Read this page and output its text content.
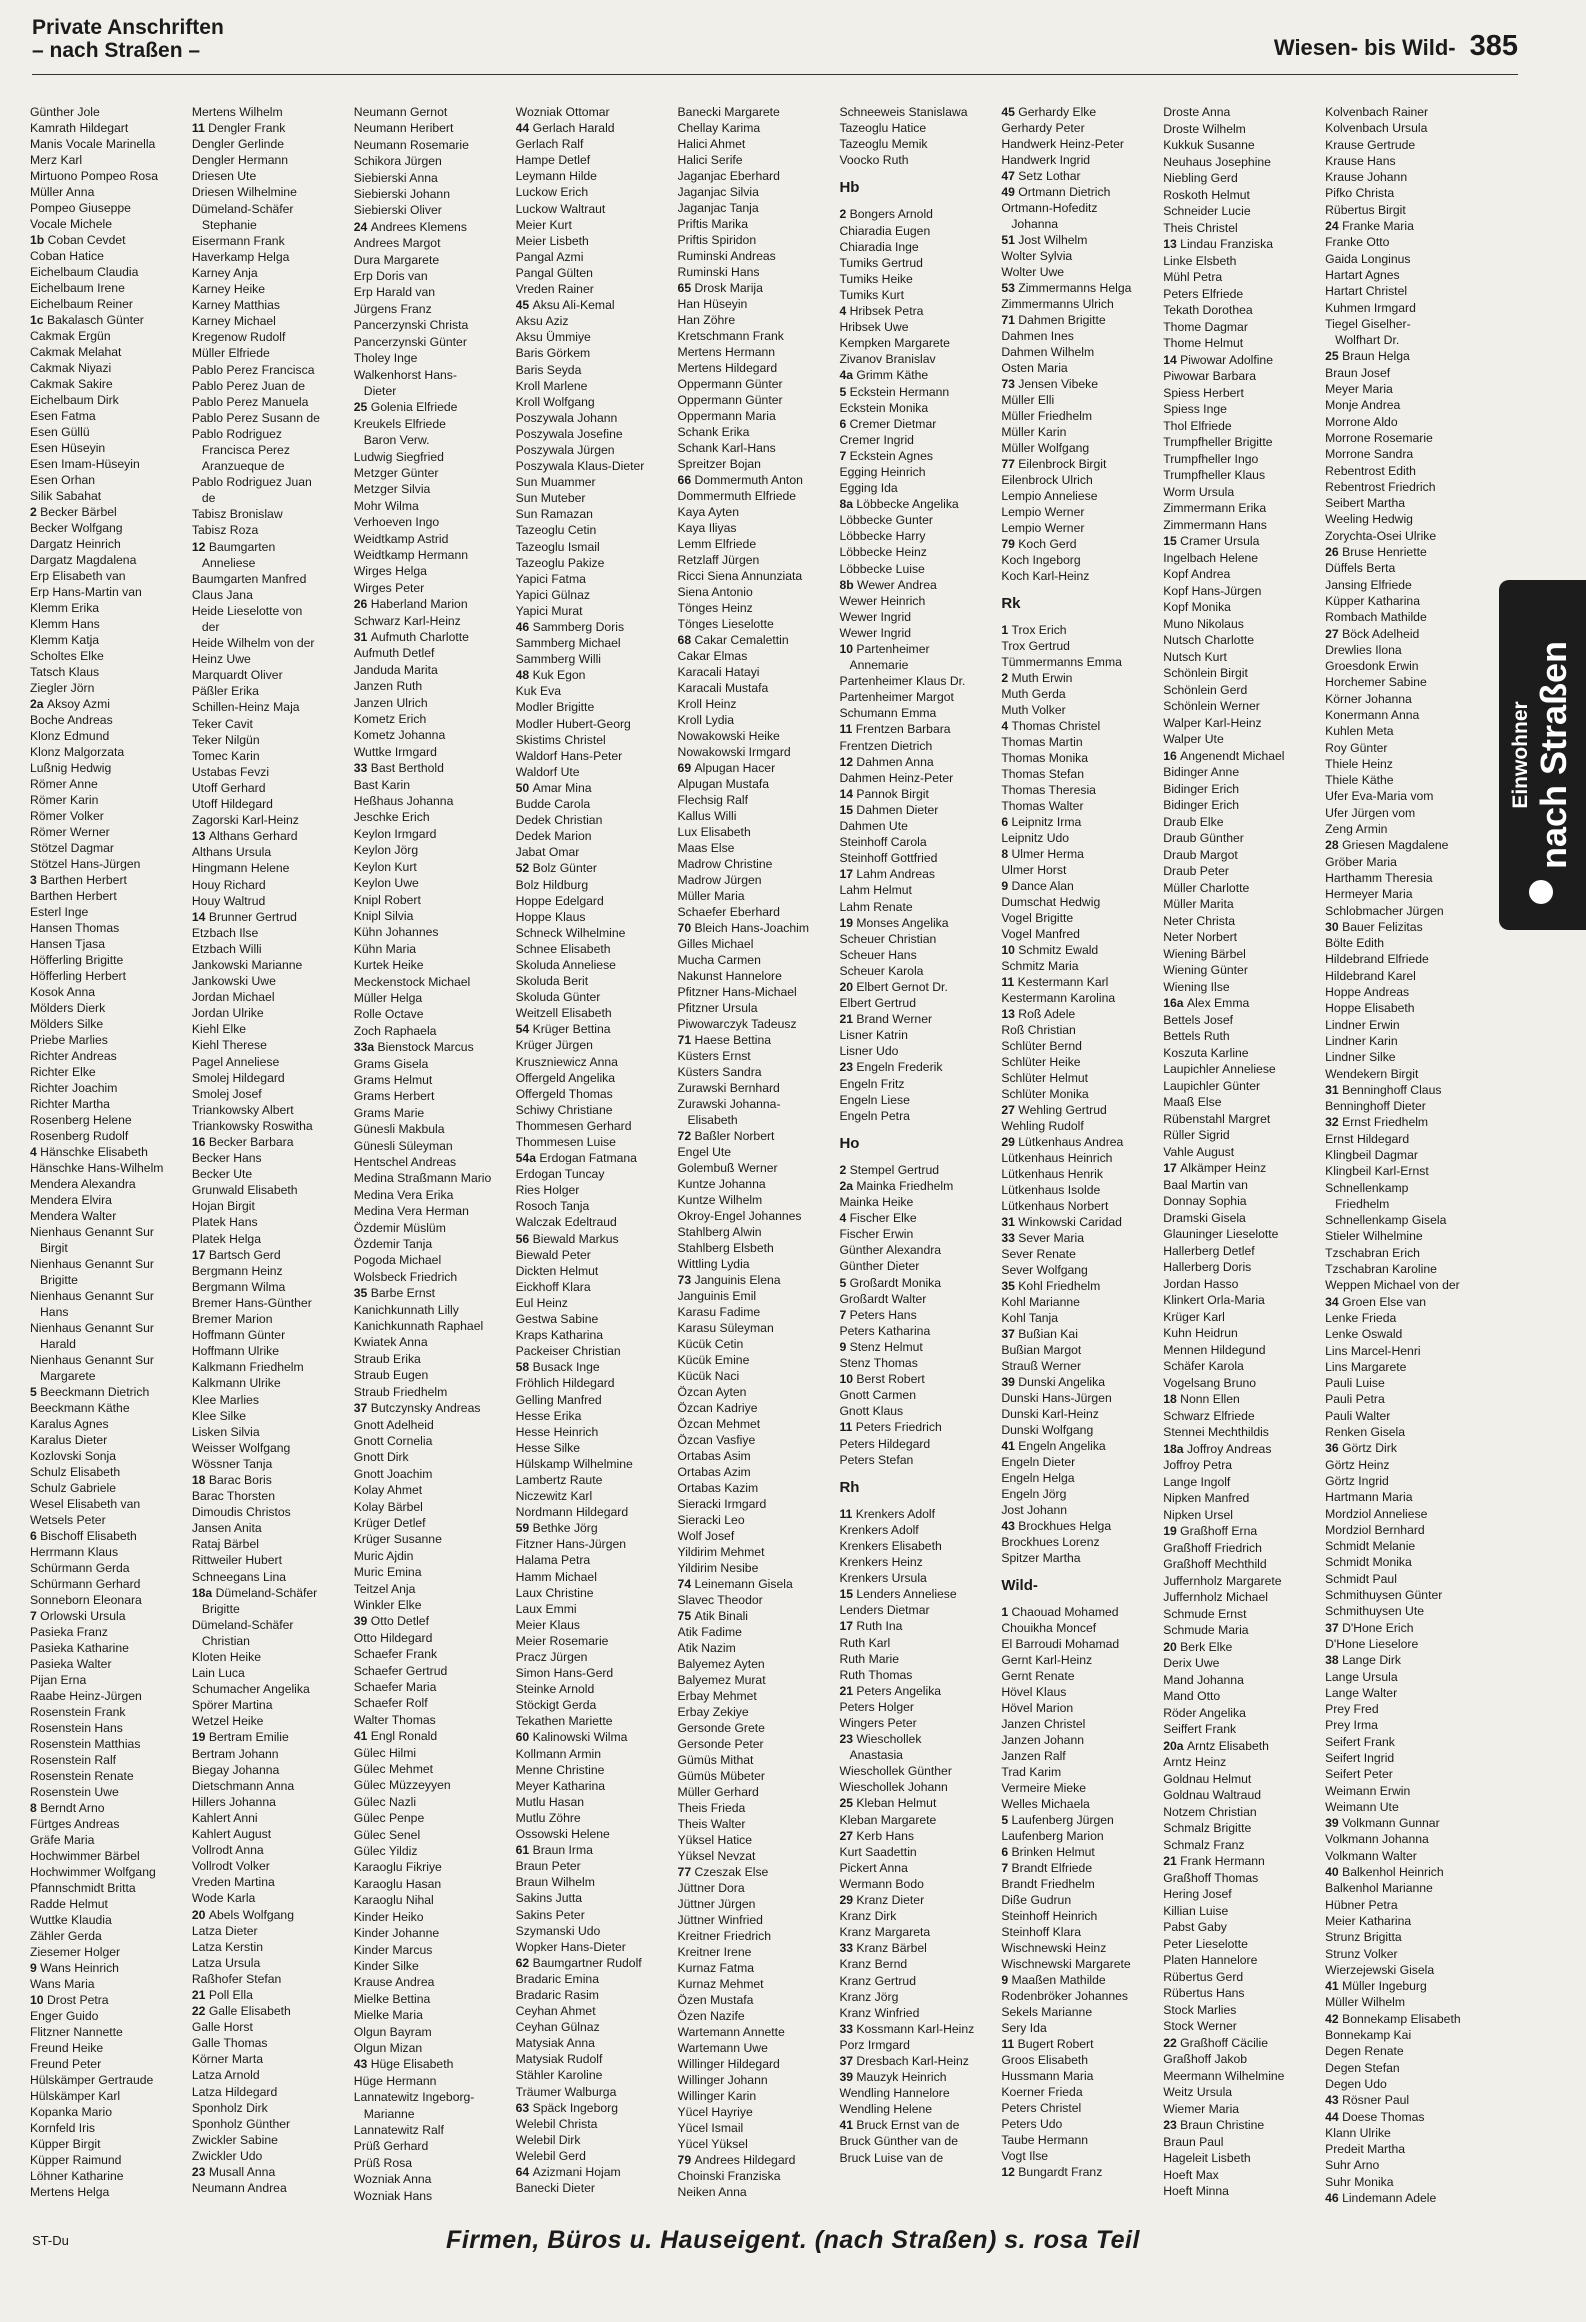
Private Anschriften
– nach Straßen –	Wiesen- bis Wild- 385
Günther Jole
Kamrath Hildegart
Manis Vocale Marinella
Merz Karl
Mirtuono Pompeo Rosa
Müller Anna
Pompeo Giuseppe
Vocale Michele
1b Coban Cevdet
Coban Hatice
Eichelbaum Claudia
Eichelbaum Irene
Eichelbaum Reiner
1c Bakalasch Günter
Cakmak Ergün
Cakmak Melahat
Cakmak Niyazi
Cakmak Sakire
Eichelbaum Dirk
Esen Fatma
Esen Güllü
Esen Hüseyin
Esen Imam-Hüseyin
Esen Orhan
Silik Sabahat
2 Becker Bärbel
Becker Wolfgang
Dargatz Heinrich
Dargatz Magdalena
Erp Elisabeth van
Erp Hans-Martin van
Klemm Erika
Klemm Hans
Klemm Katja
Scholtes Elke
Tatsch Klaus
Ziegler Jörn
2a Aksoy Azmi
Boche Andreas
Klonz Edmund
Klonz Malgorzata
Lußnig Hedwig
Römer Anne
Römer Karin
Römer Volker
Römer Werner
Stötzel Dagmar
Stötzel Hans-Jürgen
3 Barthen Herbert
Barthen Herbert
Esterl Inge
Hansen Thomas
Hansen Tjasa
Höfferling Brigitte
Höfferling Herbert
Kosok Anna
Mölders Dierk
Mölders Silke
Priebe Marlies
Richter Andreas
Richter Elke
Richter Joachim
Richter Martha
Rosenberg Helene
Rosenberg Rudolf
4 Hänschke Elisabeth
Hänschke Hans-Wilhelm
Mendera Alexandra
Mendera Elvira
Mendera Walter
Nienhaus Genannt Sur
Birgit
Nienhaus Genannt Sur
Brigitte
Nienhaus Genannt Sur
Hans
Nienhaus Genannt Sur
Harald
Nienhaus Genannt Sur
Margarete
5 Beeckmann Dietrich
Beeckmann Käthe
Karalus Agnes
Karalus Dieter
Kozlovski Sonja
Schulz Elisabeth
Schulz Gabriele
Wesel Elisabeth van
Wetsels Peter
6 Bischoff Elisabeth
Herrmann Klaus
Schürmann Gerda
Schürmann Gerhard
Sonneborn Eleonara
7 Orlowski Ursula
Pasieka Franz
Pasieka Katharine
Pasieka Walter
Pijan Erna
Raabe Heinz-Jürgen
Rosenstein Frank
Rosenstein Hans
Rosenstein Matthias
Rosenstein Ralf
Rosenstein Renate
Rosenstein Uwe
8 Berndt Arno
Fürtges Andreas
Gräfe Maria
Hochwimmer Bärbel
Hochwimmer Wolfgang
Pfannschmidt Britta
Radde Helmut
Wuttke Klaudia
Zähler Gerda
Ziesemer Holger
9 Wans Heinrich
Wans Maria
10 Drost Petra
Enger Guido
Flitzner Nannette
Freund Heike
Freund Peter
Hülskämper Gertraude
Hülskämper Karl
Kopanka Mario
Kornfeld Iris
Küpper Birgit
Küpper Raimund
Löhner Katharine
Mertens Helga
Mertens Wilhelm
11 Dengler Frank
Dengler Gerlinde
Dengler Hermann
Driesen Ute
Driesen Wilhelmine
Dümeland-Schäfer
Stephanie
Eisermann Frank
Haverkamp Helga
Karney Anja
Karney Heike
Karney Matthias
Karney Michael
Kregenow Rudolf
Müller Elfriede
Pablo Perez Francisca
Pablo Perez Juan de
Pablo Perez Manuela
Pablo Perez Susann de
Pablo Rodriguez
Francisca Perez
Aranzueque de
Pablo Rodriguez Juan
de
Tabisz Bronislaw
Tabisz Roza
12 Baumgarten
Anneliese
Baumgarten Manfred
Claus Jana
Heide Lieselotte von
der
Heide Wilhelm von der
Heinz Uwe
Marquardt Oliver
Päßler Erika
Schillen-Heinz Maja
Teker Cavit
Teker Nilgün
Tomec Karin
Ustabas Fevzi
Utoff Gerhard
Utoff Hildegard
Zagorski Karl-Heinz
13 Althans Gerhard
Althans Ursula
Hingmann Helene
Houy Richard
Houy Waltrud
14 Brunner Gertrud
Etzbach Ilse
Etzbach Willi
Jankowski Marianne
Jankowski Uwe
Jordan Michael
Jordan Ulrike
Kiehl Elke
Kiehl Therese
Pagel Anneliese
Smolej Hildegard
Smolej Josef
Triankowsky Albert
Triankowsky Roswitha
16 Becker Barbara
Becker Hans
Becker Ute
Grunwald Elisabeth
Hojan Birgit
Platek Hans
Platek Helga
17 Bartsch Gerd
Bergmann Heinz
Bergmann Wilma
Bremer Hans-Günther
Bremer Marion
Hoffmann Günter
Hoffmann Ulrike
Kalkmann Friedhelm
Kalkmann Ulrike
Klee Marlies
Klee Silke
Lisken Silvia
Weisser Wolfgang
Wössner Tanja
18 Barac Boris
Barac Thorsten
Dimoudis Christos
Jansen Anita
Rataj Bärbel
Rittweiler Hubert
Schneegans Lina
18a Dümeland-Schäfer
Brigitte
Dümeland-Schäfer
Christian
Kloten Heike
Lain Luca
Schumacher Angelika
Spörer Martina
Wetzel Heike
19 Bertram Emilie
Bertram Johann
Biegay Johanna
Dietschmann Anna
Hillers Johanna
Kahlert Anni
Kahlert August
Vollrodt Anna
Vollrodt Volker
Vreden Martina
Wode Karla
20 Abels Wolfgang
Latza Dieter
Latza Kerstin
Latza Ursula
Raßhofer Stefan
21 Poll Ella
22 Galle Elisabeth
Galle Horst
Galle Thomas
Körner Marta
Latza Arnold
Latza Hildegard
Sponholz Dirk
Sponholz Günther
Zwickler Sabine
Zwickler Udo
23 Musall Anna
Neumann Andrea
Neumann Gernot
Neumann Heribert
Neumann Rosemarie
Schikora Jürgen
Siebierski Anna
Siebierski Johann
Siebierski Oliver
24 Andrees Klemens
Andrees Margot
Dura Margarete
Erp Doris van
Erp Harald van
Jürgens Franz
Pancerzynski Christa
Pancerzynski Günter
Tholey Inge
Walkenhorst Hans-
Dieter
25 Golenia Elfriede
Kreukels Elfriede
Baron Verw.
Ludwig Siegfried
Metzger Günter
Metzger Silvia
Mohr Wilma
Verhoeven Ingo
Weidtkamp Astrid
Weidtkamp Hermann
Wirges Helga
Wirges Peter
26 Haberland Marion
Schwarz Karl-Heinz
31 Aufmuth Charlotte
Aufmuth Detlef
Janduda Marita
Janzen Ruth
Janzen Ulrich
Kometz Erich
Kometz Johanna
Wuttke Irmgard
33 Bast Berthold
Bast Karin
Heßhaus Johanna
Jeschke Erich
Keylon Irmgard
Keylon Jörg
Keylon Kurt
Keylon Uwe
Knipl Robert
Knipl Silvia
Kühn Johannes
Kühn Maria
Kurtek Heike
Meckenstock Michael
Müller Helga
Rolle Octave
Zoch Raphaela
33a Bienstock Marcus
Grams Gisela
Grams Helmut
Grams Herbert
Grams Marie
Günesli Makbula
Günesli Süleyman
Hentschel Andreas
Medina Straßmann Mario
Medina Vera Erika
Medina Vera Herman
Özdemir Müslüm
Özdemir Tanja
Pogoda Michael
Wolsbeck Friedrich
35 Barbe Ernst
Kanichkunnath Lilly
Kanichkunnath Raphael
Kwiatek Anna
Straub Erika
Straub Eugen
Straub Friedhelm
37 Butczynsky Andreas
Gnott Adelheid
Gnott Cornelia
Gnott Dirk
Gnott Joachim
Kolay Ahmet
Kolay Bärbel
Krüger Detlef
Krüger Susanne
Muric Ajdin
Muric Emina
Teitzel Anja
Winkler Elke
39 Otto Detlef
Otto Hildegard
Schaefer Frank
Schaefer Gertrud
Schaefer Maria
Schaefer Rolf
Walter Thomas
41 Engl Ronald
Gülec Hilmi
Gülec Mehmet
Gülec Müzzeyyen
Gülec Nazli
Gülec Penpe
Gülec Senel
Gülec Yildiz
Karaoglu Fikriye
Karaoglu Hasan
Karaoglu Nihal
Kinder Heiko
Kinder Johanne
Kinder Marcus
Kinder Silke
Krause Andrea
Mielke Bettina
Mielke Maria
Olgun Bayram
Olgun Mizan
43 Hüge Elisabeth
Hüge Hermann
Lannatewitz Ingeborg-
Marianne
Lannatewitz Ralf
Prüß Gerhard
Prüß Rosa
Wozniak Anna
Wozniak Hans
Wozniak Ottomar
44 Gerlach Harald
Gerlach Ralf
Hampe Detlef
Leymann Hilde
Luckow Erich
Luckow Waltraut
Meier Kurt
Meier Lisbeth
Pangal Azmi
Pangal Gülten
Vreden Rainer
45 Aksu Ali-Kemal
Aksu Aziz
Aksu Ümmiye
Baris Görkem
Baris Seyda
Kroll Marlene
Kroll Wolfgang
Poszywala Johann
Poszywala Josefine
Poszywala Jürgen
Poszywala Klaus-Dieter
Sun Muammer
Sun Muteber
Sun Ramazan
Tazeoglu Cetin
Tazeoglu Ismail
Tazeoglu Pakize
Yapici Fatma
Yapici Gülnaz
Yapici Murat
46 Sammberg Doris
Sammberg Michael
Sammberg Willi
48 Kuk Egon
Kuk Eva
Modler Brigitte
Modler Hubert-Georg
Skistims Christel
Waldorf Hans-Peter
Waldorf Ute
50 Amar Mina
Budde Carola
Dedek Christian
Dedek Marion
Jabat Omar
52 Bolz Günter
Bolz Hildburg
Hoppe Edelgard
Hoppe Klaus
Schneck Wilhelmine
Schnee Elisabeth
Skoluda Anneliese
Skoluda Berit
Skoluda Günter
Weitzell Elisabeth
54 Krüger Bettina
Krüger Jürgen
Kruszniewicz Anna
Offergeld Angelika
Offergeld Thomas
Schiwy Christiane
Thommesen Gerhard
Thommesen Luise
54a Erdogan Fatmana
Erdogan Tuncay
Ries Holger
Rosoch Tanja
Walczak Edeltraud
56 Biewald Markus
Biewald Peter
Dickten Helmut
Eickhoff Klara
Eul Heinz
Gestwa Sabine
Kraps Katharina
Packeiser Christian
58 Busack Inge
Fröhlich Hildegard
Gelling Manfred
Hesse Erika
Hesse Heinrich
Hesse Silke
Hülskamp Wilhelmine
Lambertz Raute
Niczewitz Karl
Nordmann Hildegard
59 Bethke Jörg
Fitzner Hans-Jürgen
Halama Petra
Hamm Michael
Laux Christine
Laux Emmi
Meier Klaus
Meier Rosemarie
Pracz Jürgen
Simon Hans-Gerd
Steinke Arnold
Stöckigt Gerda
Tekathen Mariette
60 Kalinowski Wilma
Kollmann Armin
Menne Christine
Meyer Katharina
Mutlu Hasan
Mutlu Zöhre
Ossowski Helene
61 Braun Irma
Braun Peter
Braun Wilhelm
Sakins Jutta
Sakins Peter
Szymanski Udo
Wopker Hans-Dieter
62 Baumgartner Rudolf
Bradaric Emina
Bradaric Rasim
Ceyhan Ahmet
Ceyhan Gülnaz
Matysiak Anna
Matysiak Rudolf
Stähler Karoline
Träumer Walburga
63 Späck Ingeborg
Welebil Christa
Welebil Dirk
Welebil Gerd
64 Azizmani Hojam
Banecki Dieter
Banecki Margarete
Chellay Karima
Halici Ahmet
Halici Serife
Jaganjac Eberhard
Jaganjac Silvia
Jaganjac Tanja
Priftis Marika
Priftis Spiridon
Ruminski Andreas
Ruminski Hans
65 Drosk Marija
Han Hüseyin
Han Zöhre
Kretschmann Frank
Mertens Hermann
Mertens Hildegard
Oppermann Günter
Oppermann Günter
Oppermann Maria
Schank Erika
Schank Karl-Hans
Spreitzer Bojan
66 Dommermuth Anton
Dommermuth Elfriede
Kaya Ayten
Kaya Iliyas
Lemm Elfriede
Retzlaff Jürgen
Ricci Siena Annunziata
Siena Antonio
Tönges Heinz
Tönges Lieselotte
68 Cakar Cemalettin
Cakar Elmas
Karacali Hatayi
Karacali Mustafa
Kroll Heinz
Kroll Lydia
Nowakowski Heike
Nowakowski Irmgard
69 Alpugan Hacer
Alpugan Mustafa
Flechsig Ralf
Kallus Willi
Lux Elisabeth
Maas Else
Madrow Christine
Madrow Jürgen
Müller Maria
Schaefer Eberhard
70 Bleich Hans-Joachim
Gilles Michael
Mucha Carmen
Nakunst Hannelore
Pfitzner Hans-Michael
Pfitzner Ursula
Piwowarczyk Tadeusz
71 Haese Bettina
Küsters Ernst
Küsters Sandra
Zurawski Bernhard
Zurawski Johanna-
Elisabeth
72 Baßler Norbert
Engel Ute
Golembuß Werner
Kuntze Johanna
Kuntze Wilhelm
Okroy-Engel Johannes
Stahlberg Alwin
Stahlberg Elsbeth
Wittling Lydia
73 Janguinis Elena
Janguinis Emil
Karasu Fadime
Karasu Süleyman
Kücük Cetin
Kücük Emine
Kücük Naci
Özcan Ayten
Özcan Kadriye
Özcan Mehmet
Özcan Vasfiye
Ortabas Asim
Ortabas Azim
Ortabas Kazim
Sieracki Irmgard
Sieracki Leo
Wolf Josef
Yildirim Mehmet
Yildirim Nesibe
74 Leinemann Gisela
Slavec Theodor
75 Atik Binali
Atik Fadime
Atik Nazim
Balyemez Ayten
Balyemez Murat
Erbay Mehmet
Erbay Zekiye
Gersonde Grete
Gersonde Peter
Gümüs Mithat
Gümüs Mübeter
Müller Gerhard
Theis Frieda
Theis Walter
Yüksel Hatice
Yüksel Nevzat
77 Czeszak Else
Jüttner Dora
Jüttner Jürgen
Jüttner Winfried
Kreitner Friedrich
Kreitner Irene
Kurnaz Fatma
Kurnaz Mehmet
Özen Mustafa
Özen Nazife
Wartemann Annette
Wartemann Uwe
Willinger Hildegard
Willinger Johann
Willinger Karin
Yücel Hayriye
Yücel Ismail
Yücel Yüksel
79 Andrees Hildegard
Choinski Franziska
Neiken Anna
Schneeweis Stanislawa
Tazeoglu Hatice
Tazeoglu Memik
Voocko Ruth
Hb
2 Bongers Arnold
Chiaradia Eugen
Chiaradia Inge
Tumiks Gertrud
Tumiks Heike
Tumiks Kurt
4 Hribsek Petra
Hribsek Uwe
Kempken Margarete
Zivanov Branislav
4a Grimm Käthe
5 Eckstein Hermann
Eckstein Monika
6 Cremer Dietmar
Cremer Ingrid
7 Eckstein Agnes
Egging Heinrich
Egging Ida
8a Löbbecke Angelika
Löbbecke Gunter
Löbbecke Harry
Löbbecke Heinz
Löbbecke Luise
8b Wewer Andrea
Wewer Heinrich
Wewer Ingrid
Wewer Ingrid
10 Partenheimer
Annemarie
Partenheimer Klaus Dr.
Partenheimer Margot
Schumann Emma
11 Frentzen Barbara
Frentzen Dietrich
12 Dahmen Anna
Dahmen Heinz-Peter
14 Pannok Birgit
15 Dahmen Dieter
Dahmen Ute
Steinhoff Carola
Steinhoff Gottfried
17 Lahm Andreas
Lahm Helmut
Lahm Renate
19 Monses Angelika
Scheuer Christian
Scheuer Hans
Scheuer Karola
20 Elbert Gernot Dr.
Elbert Gertrud
21 Brand Werner
Lisner Katrin
Lisner Udo
23 Engeln Frederik
Engeln Fritz
Engeln Liese
Engeln Petra
Ho
2 Stempel Gertrud
2a Mainka Friedhelm
Mainka Heike
4 Fischer Elke
Fischer Erwin
Günther Alexandra
Günther Dieter
5 Großardt Monika
Großardt Walter
7 Peters Hans
Peters Katharina
9 Stenz Helmut
Stenz Thomas
10 Berst Robert
Gnott Carmen
Gnott Klaus
11 Peters Friedrich
Peters Hildegard
Peters Stefan
Rh
11 Krenkers Adolf
Krenkers Adolf
Krenkers Elisabeth
Krenkers Heinz
Krenkers Ursula
15 Lenders Anneliese
Lenders Dietmar
17 Ruth Ina
Ruth Karl
Ruth Marie
Ruth Thomas
21 Peters Angelika
Peters Holger
Wingers Peter
23 Wieschollek
Anastasia
Wieschollek Günther
Wieschollek Johann
25 Kleban Helmut
Kleban Margarete
27 Kerb Hans
Kurt Saadettin
Pickert Anna
Wermann Bodo
29 Kranz Dieter
Kranz Dirk
Kranz Margareta
33 Kranz Bärbel
Kranz Bernd
Kranz Gertrud
Kranz Jörg
Kranz Winfried
33 Kossmann Karl-Heinz
Porz Irmgard
37 Dresbach Karl-Heinz
39 Mauzyk Heinrich
Wendling Hannelore
Wendling Helene
41 Bruck Ernst van de
Bruck Günther van de
Bruck Luise van de
45 Gerhardy Elke
Gerhardy Peter
Handwerk Heinz-Peter
Handwerk Ingrid
47 Setz Lothar
49 Ortmann Dietrich
Ortmann-Hofeditz
Johanna
51 Jost Wilhelm
Wolter Sylvia
Wolter Uwe
53 Zimmermanns Helga
Zimmermanns Ulrich
71 Dahmen Brigitte
Dahmen Ines
Dahmen Wilhelm
Osten Maria
73 Jensen Vibeke
Müller Elli
Müller Friedhelm
Müller Karin
Müller Wolfgang
77 Eilenbrock Birgit
Eilenbrock Ulrich
Lempio Anneliese
Lempio Werner
Lempio Werner
79 Koch Gerd
Koch Ingeborg
Koch Karl-Heinz
Rk
1 Trox Erich
Trox Gertrud
Tümmermanns Emma
2 Muth Erwin
Muth Gerda
Muth Volker
4 Thomas Christel
Thomas Martin
Thomas Monika
Thomas Stefan
Thomas Theresia
Thomas Walter
6 Leipnitz Irma
Leipnitz Udo
8 Ulmer Herma
Ulmer Horst
9 Dance Alan
Dumschat Hedwig
Vogel Brigitte
Vogel Manfred
10 Schmitz Ewald
Schmitz Maria
11 Kestermann Karl
Kestermann Karolina
13 Roß Adele
Roß Christian
Schlüter Bernd
Schlüter Heike
Schlüter Helmut
Schlüter Monika
27 Wehling Gertrud
Wehling Rudolf
29 Lütkenhaus Andrea
Lütkenhaus Heinrich
Lütkenhaus Henrik
Lütkenhaus Isolde
Lütkenhaus Norbert
31 Winkowski Caridad
33 Sever Maria
Sever Renate
Sever Wolfgang
35 Kohl Friedhelm
Kohl Marianne
Kohl Tanja
37 Bußian Kai
Bußian Margot
Strauß Werner
39 Dunski Angelika
Dunski Hans-Jürgen
Dunski Karl-Heinz
Dunski Wolfgang
41 Engeln Angelika
Engeln Dieter
Engeln Helga
Engeln Jörg
Jost Johann
43 Brockhues Helga
Brockhues Lorenz
Spitzer Martha
Wild-
1 Chaouad Mohamed
Chouikha Moncef
El Barroudi Mohamad
Gernt Karl-Heinz
Gernt Renate
Hövel Klaus
Hövel Marion
Janzen Christel
Janzen Johann
Janzen Ralf
Trad Karim
Vermeire Mieke
Welles Michaela
5 Laufenberg Jürgen
Laufenberg Marion
6 Brinken Helmut
7 Brandt Elfriede
Brandt Friedhelm
Diße Gudrun
Steinhoff Heinrich
Steinhoff Klara
Wischnewski Heinz
Wischnewski Margarete
9 Maaßen Mathilde
Rodenbröker Johannes
Sekels Marianne
Sery Ida
11 Bugert Robert
Groos Elisabeth
Hussmann Maria
Koerner Frieda
Peters Christel
Peters Udo
Taube Hermann
Vogt Ilse
12 Bungardt Franz
Droste Anna
Droste Wilhelm
Kukkuk Susanne
Neuhaus Josephine
Niebling Gerd
Roskoth Helmut
Schneider Lucie
Theis Christel
13 Lindau Franziska
Linke Elsbeth
Mühl Petra
Peters Elfriede
Tekath Dorothea
Thome Dagmar
Thome Helmut
14 Piwowar Adolfine
Piwowar Barbara
Spiess Herbert
Spiess Inge
Thol Elfriede
Trumpfheller Brigitte
Trumpfheller Ingo
Trumpfheller Klaus
Worm Ursula
Zimmermann Erika
Zimmermann Hans
15 Cramer Ursula
Ingelbach Helene
Kopf Andrea
Kopf Hans-Jürgen
Kopf Monika
Muno Nikolaus
Nutsch Charlotte
Nutsch Kurt
Schönlein Birgit
Schönlein Gerd
Schönlein Werner
Walper Karl-Heinz
Walper Ute
16 Angenendt Michael
Bidinger Anne
Bidinger Erich
Bidinger Erich
Draub Elke
Draub Günther
Draub Margot
Draub Peter
Müller Charlotte
Müller Marita
Neter Christa
Neter Norbert
Wiening Bärbel
Wiening Günter
Wiening Ilse
16a Alex Emma
Bettels Josef
Bettels Ruth
Koszuta Karline
Laupichler Anneliese
Laupichler Günter
Maaß Else
Rübenstahl Margret
Rüller Sigrid
Vahle August
17 Alkämper Heinz
Baal Martin van
Donnay Sophia
Dramski Gisela
Glauninger Lieselotte
Hallerberg Detlef
Hallerberg Doris
Jordan Hasso
Klinkert Orla-Maria
Krüger Karl
Kuhn Heidrun
Mennen Hildegund
Schäfer Karola
Vogelsang Bruno
18 Nonn Ellen
Schwarz Elfriede
Stennei Mechthildis
18a Joffroy Andreas
Joffroy Petra
Lange Ingolf
Nipken Manfred
Nipken Ursel
19 Graßhoff Erna
Graßhoff Friedrich
Graßhoff Mechthild
Juffernholz Margarete
Juffernholz Michael
Schmude Ernst
Schmude Maria
20 Berk Elke
Derix Uwe
Mand Johanna
Mand Otto
Röder Angelika
Seiffert Frank
20a Arntz Elisabeth
Arntz Heinz
Goldnau Helmut
Goldnau Waltraud
Notzem Christian
Schmalz Brigitte
Schmalz Franz
21 Frank Hermann
Graßhoff Thomas
Hering Josef
Killian Luise
Pabst Gaby
Peter Lieselotte
Platen Hannelore
Rübertus Gerd
Rübertus Hans
Stock Marlies
Stock Werner
22 Graßhoff Cäcilie
Graßhoff Jakob
Meermann Wilhelmine
Weitz Ursula
Wiemer Maria
23 Braun Christine
Braun Paul
Hageleit Lisbeth
Hoeft Max
Hoeft Minna
Kolvenbach Rainer
Kolvenbach Ursula
Krause Gertrude
Krause Hans
Krause Johann
Pifko Christa
Rübertus Birgit
24 Franke Maria
Franke Otto
Gaida Longinus
Hartart Agnes
Hartart Christel
Kuhmen Irmgard
Tiegel Giselher-
Wolfhart Dr.
25 Braun Helga
Braun Josef
Meyer Maria
Monje Andrea
Morrone Aldo
Morrone Rosemarie
Morrone Sandra
Rebentrost Edith
Rebentrost Friedrich
Seibert Martha
Weeling Hedwig
Zorychta-Osei Ulrike
26 Bruse Henriette
Düffels Berta
Jansing Elfriede
Küpper Katharina
Rombach Mathilde
27 Böck Adelheid
Drewlies Ilona
Groesdonk Erwin
Horchemer Sabine
Körner Johanna
Konermann Anna
Kuhlen Meta
Roy Günter
Thiele Heinz
Thiele Käthe
Ufer Eva-Maria vom
Ufer Jürgen vom
Zeng Armin
28 Griesen Magdalene
Gröber Maria
Harthamm Theresia
Hermeyer Maria
Schlobmacher Jürgen
30 Bauer Felizitas
Bölte Edith
Hildebrand Elfriede
Hildebrand Karel
Hoppe Andreas
Hoppe Elisabeth
Lindner Erwin
Lindner Karin
Lindner Silke
Wendekern Birgit
31 Benninghoff Claus
Benninghoff Dieter
32 Ernst Friedhelm
Ernst Hildegard
Klingbeil Dagmar
Klingbeil Karl-Ernst
Schnellenkamp
Friedhelm
Schnellenkamp Gisela
Stieler Wilhelmine
Tzschabran Erich
Tzschabran Karoline
Weppen Michael von der
34 Groen Else van
Lenke Frieda
Lenke Oswald
Lins Marcel-Henri
Lins Margarete
Pauli Luise
Pauli Petra
Pauli Walter
Renken Gisela
36 Görtz Dirk
Görtz Heinz
Görtz Ingrid
Hartmann Maria
Mordziol Anneliese
Mordziol Bernhard
Schmidt Melanie
Schmidt Monika
Schmidt Paul
Schmithuysen Günter
Schmithuysen Ute
37 D'Hone Erich
D'Hone Lieselore
38 Lange Dirk
Lange Ursula
Lange Walter
Prey Fred
Prey Irma
Seifert Frank
Seifert Ingrid
Seifert Peter
Weimann Erwin
Weimann Ute
39 Volkmann Gunnar
Volkmann Johanna
Volkmann Walter
40 Balkenhol Heinrich
Balkenhol Marianne
Hübner Petra
Meier Katharina
Strunz Brigitta
Strunz Volker
Wierzejewski Gisela
41 Müller Ingeburg
Müller Wilhelm
42 Bonnekamp Elisabeth
Bonnekamp Kai
Degen Renate
Degen Stefan
Degen Udo
43 Rösner Paul
44 Doese Thomas
Klann Ulrike
Predeit Martha
Suhr Arno
Suhr Monika
46 Lindemann Adele
Einwohner nach Straßen
ST-Du	Firmen, Büros u. Hauseigent. (nach Straßen) s. rosa Teil
